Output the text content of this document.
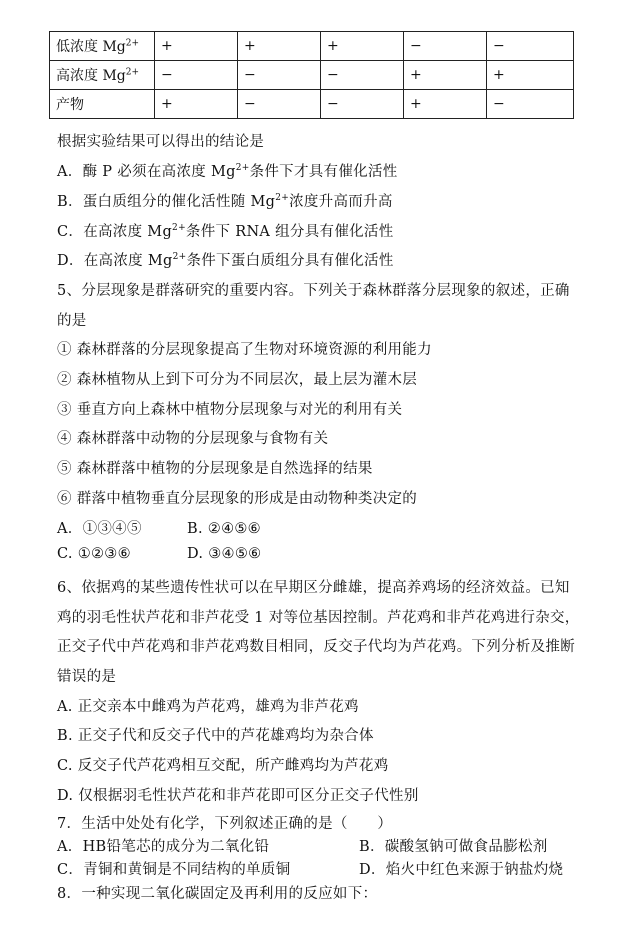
低浓度 $Mg^{2+}$	+	+	+	−	−
高浓度 $Mg^{2+}$	−	−	−	+	+
产物	+	−	−	+	−
根据实验结果可以得出的结论是
A．酶 P 必须在高浓度 $Mg^{2+}$条件下才具有催化活性
B．蛋白质组分的催化活性随 $Mg^{2+}$浓度升高而升高
C．在高浓度 $Mg^{2+}$条件下 RNA 组分具有催化活性
D．在高浓度 $Mg^{2+}$条件下蛋白质组分具有催化活性
5、分层现象是群落研究的重要内容。下列关于森林群落分层现象的叙述，正确
的是
① 森林群落的分层现象提高了生物对环境资源的利用能力
② 森林植物从上到下可分为不同层次，最上层为灌木层
③ 垂直方向上森林中植物分层现象与对光的利用有关
④ 森林群落中动物的分层现象与食物有关
⑤ 森林群落中植物的分层现象是自然选择的结果
⑥ 群落中植物垂直分层现象的形成是由动物种类决定的
A．①③④⑤	B. ②④⑤⑥
C. ①②③⑥	D. ③④⑤⑥
6、依据鸡的某些遗传性状可以在早期区分雌雄，提高养鸡场的经济效益。已知
鸡的羽毛性状芦花和非芦花受 1 对等位基因控制。芦花鸡和非芦花鸡进行杂交，
正交子代中芦花鸡和非芦花鸡数目相同，反交子代均为芦花鸡。下列分析及推断
错误的是
A. 正交亲本中雌鸡为芦花鸡，雄鸡为非芦花鸡
B. 正交子代和反交子代中的芦花雄鸡均为杂合体
C. 反交子代芦花鸡相互交配，所产雌鸡均为芦花鸡
D. 仅根据羽毛性状芦花和非芦花即可区分正交子代性别
7．生活中处处有化学，下列叙述正确的是（　　）
A．HB铅笔芯的成分为二氧化铅	B．碳酸氢钠可做食品膨松剂
C．青铜和黄铜是不同结构的单质铜	D．焰火中红色来源于钠盐灼烧
8．一种实现二氧化碳固定及再利用的反应如下：
